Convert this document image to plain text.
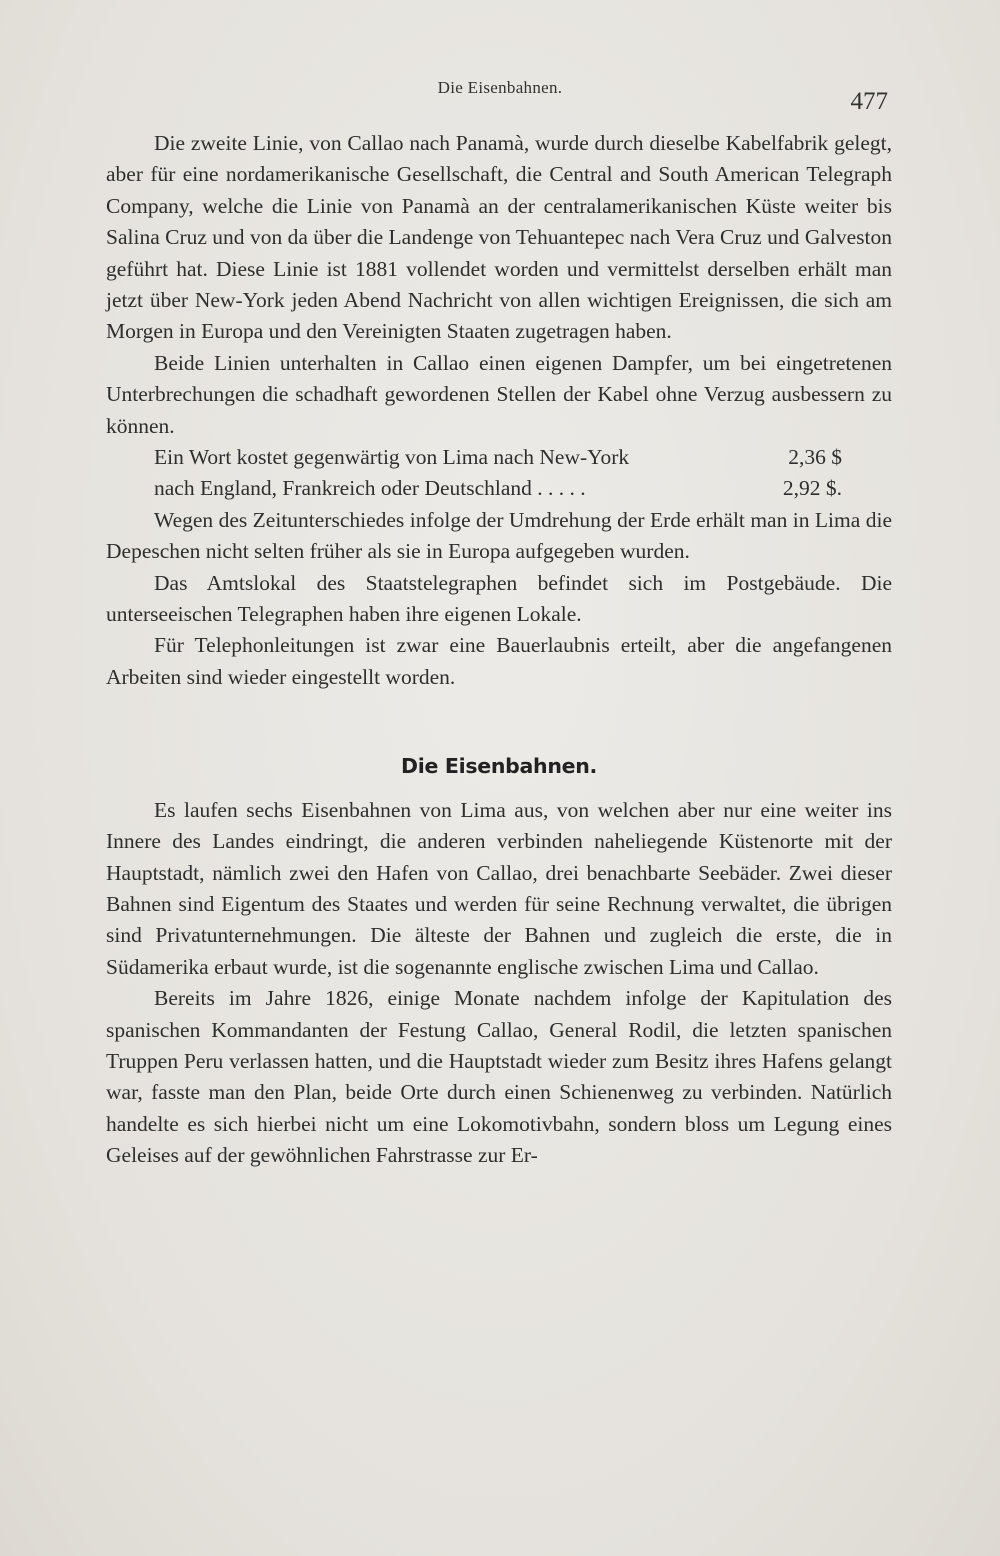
Die Eisenbahnen.
477

Die zweite Linie, von Callao nach Panamà, wurde durch dieselbe Kabelfabrik gelegt, aber für eine nordamerikanische Gesellschaft, die Central and South American Telegraph Company, welche die Linie von Panamà an der centralamerikanischen Küste weiter bis Salina Cruz und von da über die Landenge von Tehuantepec nach Vera Cruz und Galveston geführt hat. Diese Linie ist 1881 vollendet worden und vermittelst derselben erhält man jetzt über New-York jeden Abend Nachricht von allen wichtigen Ereignissen, die sich am Morgen in Europa und den Vereinigten Staaten zugetragen haben.

Beide Linien unterhalten in Callao einen eigenen Dampfer, um bei eingetretenen Unterbrechungen die schadhaft gewordenen Stellen der Kabel ohne Verzug ausbessern zu können.

Ein Wort kostet gegenwärtig von Lima nach New-York	2,36 $
nach England, Frankreich oder Deutschland . . . . .	2,92 $.

Wegen des Zeitunterschiedes infolge der Umdrehung der Erde erhält man in Lima die Depeschen nicht selten früher als sie in Europa aufgegeben wurden.

Das Amtslokal des Staatstelegraphen befindet sich im Postgebäude. Die unterseeischen Telegraphen haben ihre eigenen Lokale.

Für Telephonleitungen ist zwar eine Bauerlaubnis erteilt, aber die angefangenen Arbeiten sind wieder eingestellt worden.

Die Eisenbahnen.

Es laufen sechs Eisenbahnen von Lima aus, von welchen aber nur eine weiter ins Innere des Landes eindringt, die anderen verbinden naheliegende Küstenorte mit der Hauptstadt, nämlich zwei den Hafen von Callao, drei benachbarte Seebäder. Zwei dieser Bahnen sind Eigentum des Staates und werden für seine Rechnung verwaltet, die übrigen sind Privatunternehmungen. Die älteste der Bahnen und zugleich die erste, die in Südamerika erbaut wurde, ist die sogenannte englische zwischen Lima und Callao.

Bereits im Jahre 1826, einige Monate nachdem infolge der Kapitulation des spanischen Kommandanten der Festung Callao, General Rodil, die letzten spanischen Truppen Peru verlassen hatten, und die Hauptstadt wieder zum Besitz ihres Hafens gelangt war, fasste man den Plan, beide Orte durch einen Schienenweg zu verbinden. Natürlich handelte es sich hierbei nicht um eine Lokomotivbahn, sondern bloss um Legung eines Geleises auf der gewöhnlichen Fahrstrasse zur Er-
